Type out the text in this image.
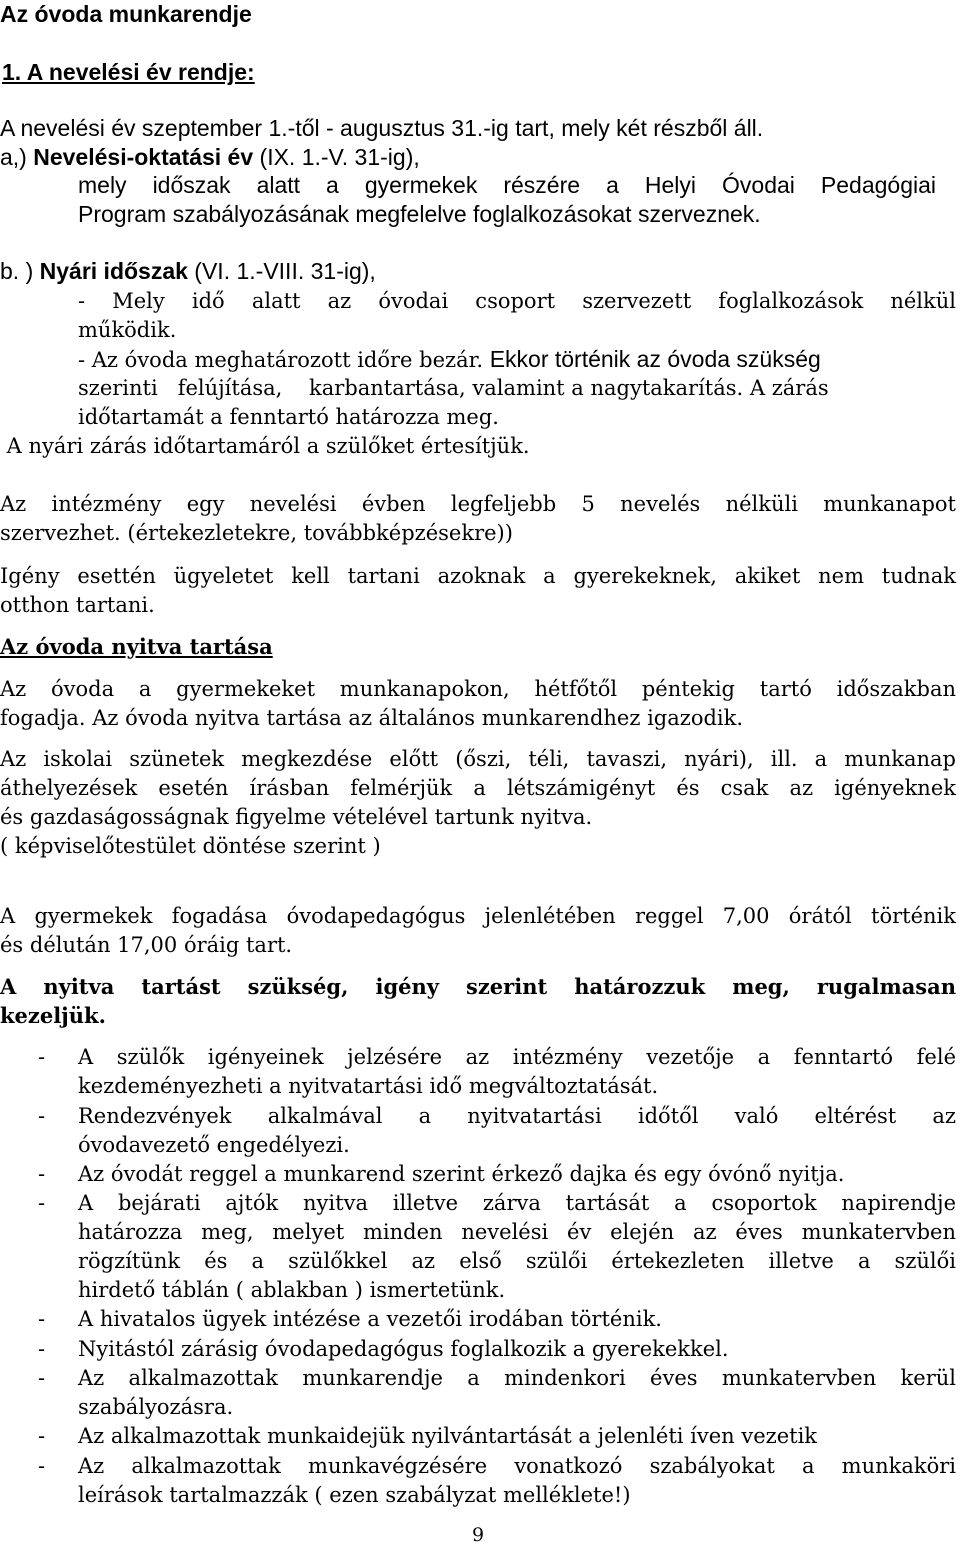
Az óvoda munkarendje
1. A nevelési év rendje:
A nevelési év szeptember 1.-től - augusztus 31.-ig tart, mely két részből áll.
a,) Nevelési-oktatási év (IX. 1.-V. 31-ig),
mely időszak alatt a gyermekek részére a Helyi Óvodai Pedagógiai
Program szabályozásának megfelelve foglalkozásokat szerveznek.
b. ) Nyári időszak (VI. 1.-VIII. 31-ig),
- Mely idő alatt az óvodai csoport szervezett foglalkozások nélkül
működik.
- Az óvoda meghatározott időre bezár. Ekkor történik az óvoda szükség
szerinti   felújítása,    karbantartása, valamint a nagytakarítás. A zárás
időtartamát a fenntartó határozza meg.
A nyári zárás időtartamáról a szülőket értesítjük.
Az intézmény egy nevelési évben legfeljebb 5 nevelés nélküli munkanapot
szervezhet. (értekezletekre, továbbképzésekre))
Igény esettén ügyeletet kell tartani azoknak a gyerekeknek, akiket nem tudnak
otthon tartani.
Az óvoda nyitva tartása
Az óvoda a gyermekeket munkanapokon, hétfőtől péntekig tartó időszakban
fogadja. Az óvoda nyitva tartása az általános munkarendhez igazodik.
Az iskolai szünetek megkezdése előtt (őszi, téli, tavaszi, nyári), ill. a munkanap
áthelyezések esetén írásban felmérjük a létszámigényt és csak az igényeknek
és gazdaságosságnak figyelme vételével tartunk nyitva.
( képviselőtestület döntése szerint )
A gyermekek fogadása óvodapedagógus jelenlétében reggel 7,00 órától történik
és délután 17,00 óráig tart.
A nyitva tartást szükség, igény szerint határozzuk meg, rugalmasan
kezeljük.
- A szülők igényeinek jelzésére az intézmény vezetője a fenntartó felé
kezdeményezheti a nyitvatartási idő megváltoztatását.
- Rendezvények alkalmával a nyitvatartási időtől való eltérést az
óvodavezető engedélyezi.
- Az óvodát reggel a munkarend szerint érkező dajka és egy óvónő nyitja.
- A bejárati ajtók nyitva illetve zárva tartását a csoportok napirendje
határozza meg, melyet minden nevelési év elején az éves munkatervben
rögzítünk és a szülőkkel az első szülői értekezleten illetve a szülői
hirdető táblán ( ablakban ) ismertetünk.
- A hivatalos ügyek intézése a vezetői irodában történik.
- Nyitástól zárásig óvodapedagógus foglalkozik a gyerekekkel.
- Az alkalmazottak munkarendje a mindenkori éves munkatervben kerül
szabályozásra.
- Az alkalmazottak munkaidejük nyilvántartását a jelenléti íven vezetik
- Az alkalmazottak munkavégzésére vonatkozó szabályokat a munkaköri
leírások tartalmazzák ( ezen szabályzat melléklete!)
9
